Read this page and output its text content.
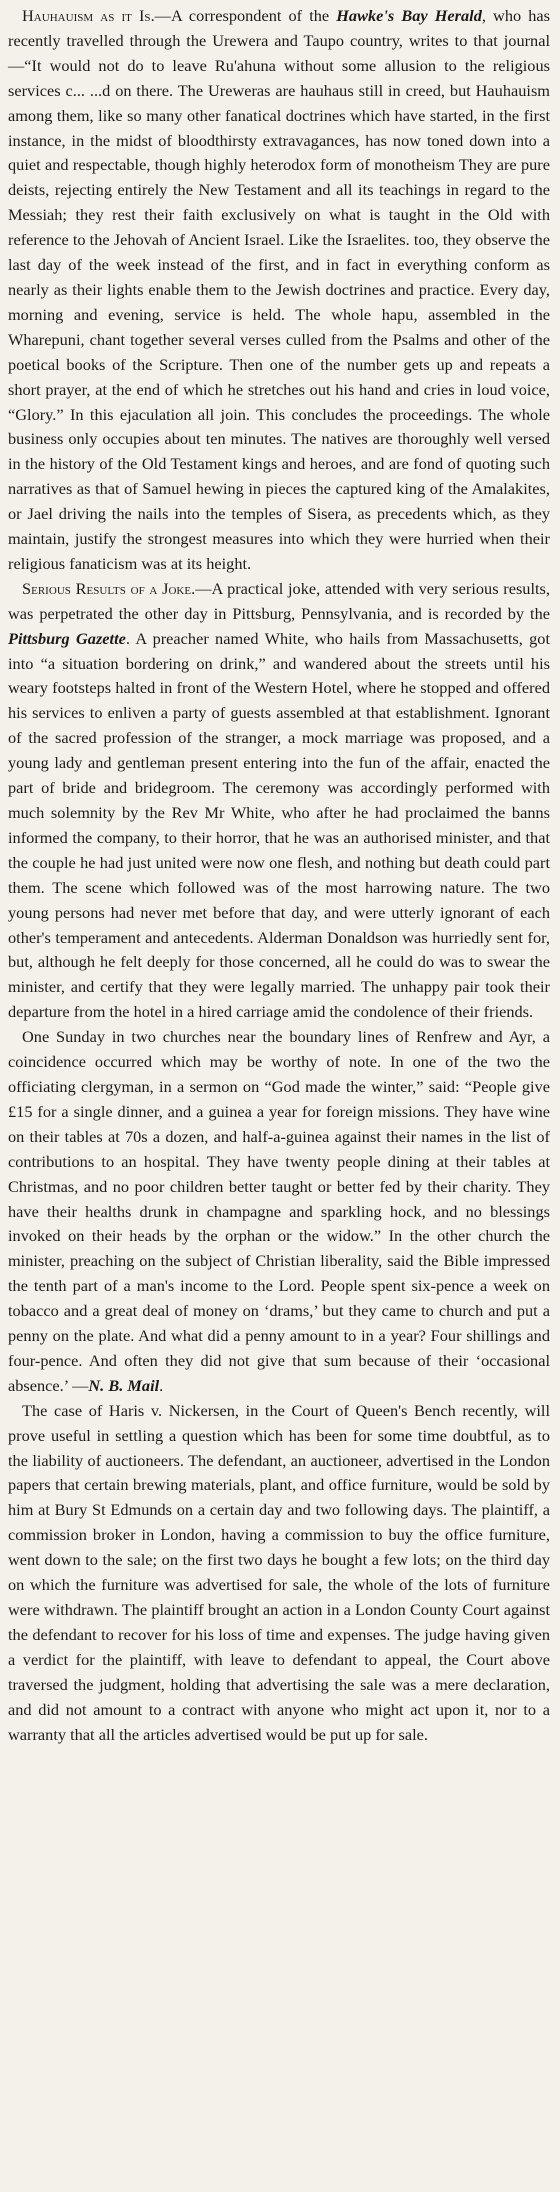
Hauhauism as it Is.—A correspondent of the Hawke's Bay Herald, who has recently travelled through the Urewera and Taupo country, writes to that journal—“It would not do to leave Ru'ahuna without some allusion to the religious services c... ...d on there. The Ureweras are hauhaus still in creed, but Hauhauism among them, like so many other fanatical doctrines which have started, in the first instance, in the midst of bloodthirsty extravagances, has now toned down into a quiet and respectable, though highly heterodox form of monotheism They are pure deists, rejecting entirely the New Testament and all its teachings in regard to the Messiah; they rest their faith exclusively on what is taught in the Old with reference to the Jehovah of Ancient Israel. Like the Israelites. too, they observe the last day of the week instead of the first, and in fact in everything conform as nearly as their lights enable them to the Jewish doctrines and practice. Every day, morning and evening, service is held. The whole hapu, assembled in the Wharepuni, chant together several verses culled from the Psalms and other of the poetical books of the Scripture. Then one of the number gets up and repeats a short prayer, at the end of which he stretches out his hand and cries in loud voice, “Glory.” In this ejaculation all join. This concludes the proceedings. The whole business only occupies about ten minutes. The natives are thoroughly well versed in the history of the Old Testament kings and heroes, and are fond of quoting such narratives as that of Samuel hewing in pieces the captured king of the Amalakites, or Jael driving the nails into the temples of Sisera, as precedents which, as they maintain, justify the strongest measures into which they were hurried when their religious fanaticism was at its height.

Serious Results of a Joke.—A practical joke, attended with very serious results, was perpetrated the other day in Pittsburg, Pennsylvania, and is recorded by the Pittsburg Gazette. A preacher named White, who hails from Massachusetts, got into “a situation bordering on drink,” and wandered about the streets until his weary footsteps halted in front of the Western Hotel, where he stopped and offered his services to enliven a party of guests assembled at that establishment. Ignorant of the sacred profession of the stranger, a mock marriage was proposed, and a young lady and gentleman present entering into the fun of the affair, enacted the part of bride and bridegroom. The ceremony was accordingly performed with much solemnity by the Rev Mr White, who after he had proclaimed the banns informed the company, to their horror, that he was an authorised minister, and that the couple he had just united were now one flesh, and nothing but death could part them. The scene which followed was of the most harrowing nature. The two young persons had never met before that day, and were utterly ignorant of each other's temperament and antecedents. Alderman Donaldson was hurriedly sent for, but, although he felt deeply for those concerned, all he could do was to swear the minister, and certify that they were legally married. The unhappy pair took their departure from the hotel in a hired carriage amid the condolence of their friends.

One Sunday in two churches near the boundary lines of Renfrew and Ayr, a coincidence occurred which may be worthy of note. In one of the two the officiating clergyman, in a sermon on “God made the winter,” said: “People give £15 for a single dinner, and a guinea a year for foreign missions. They have wine on their tables at 70s a dozen, and half-a-guinea against their names in the list of contributions to an hospital. They have twenty people dining at their tables at Christmas, and no poor children better taught or better fed by their charity. They have their healths drunk in champagne and sparkling hock, and no blessings invoked on their heads by the orphan or the widow.” In the other church the minister, preaching on the subject of Christian liberality, said the Bible impressed the tenth part of a man's income to the Lord. People spent six-pence a week on tobacco and a great deal of money on ‘drams,’ but they came to church and put a penny on the plate. And what did a penny amount to in a year? Four shillings and four-pence. And often they did not give that sum because of their ‘occasional absence.’ —N. B. Mail.

The case of Haris v. Nickersen, in the Court of Queen's Bench recently, will prove useful in settling a question which has been for some time doubtful, as to the liability of auctioneers. The defendant, an auctioneer, advertised in the London papers that certain brewing materials, plant, and office furniture, would be sold by him at Bury St Edmunds on a certain day and two following days. The plaintiff, a commission broker in London, having a commission to buy the office furniture, went down to the sale; on the first two days he bought a few lots; on the third day on which the furniture was advertised for sale, the whole of the lots of furniture were withdrawn. The plaintiff brought an action in a London County Court against the defendant to recover for his loss of time and expenses. The judge having given a verdict for the plaintiff, with leave to defendant to appeal, the Court above traversed the judgment, holding that advertising the sale was a mere declaration, and did not amount to a contract with anyone who might act upon it, nor to a warranty that all the articles advertised would be put up for sale.
